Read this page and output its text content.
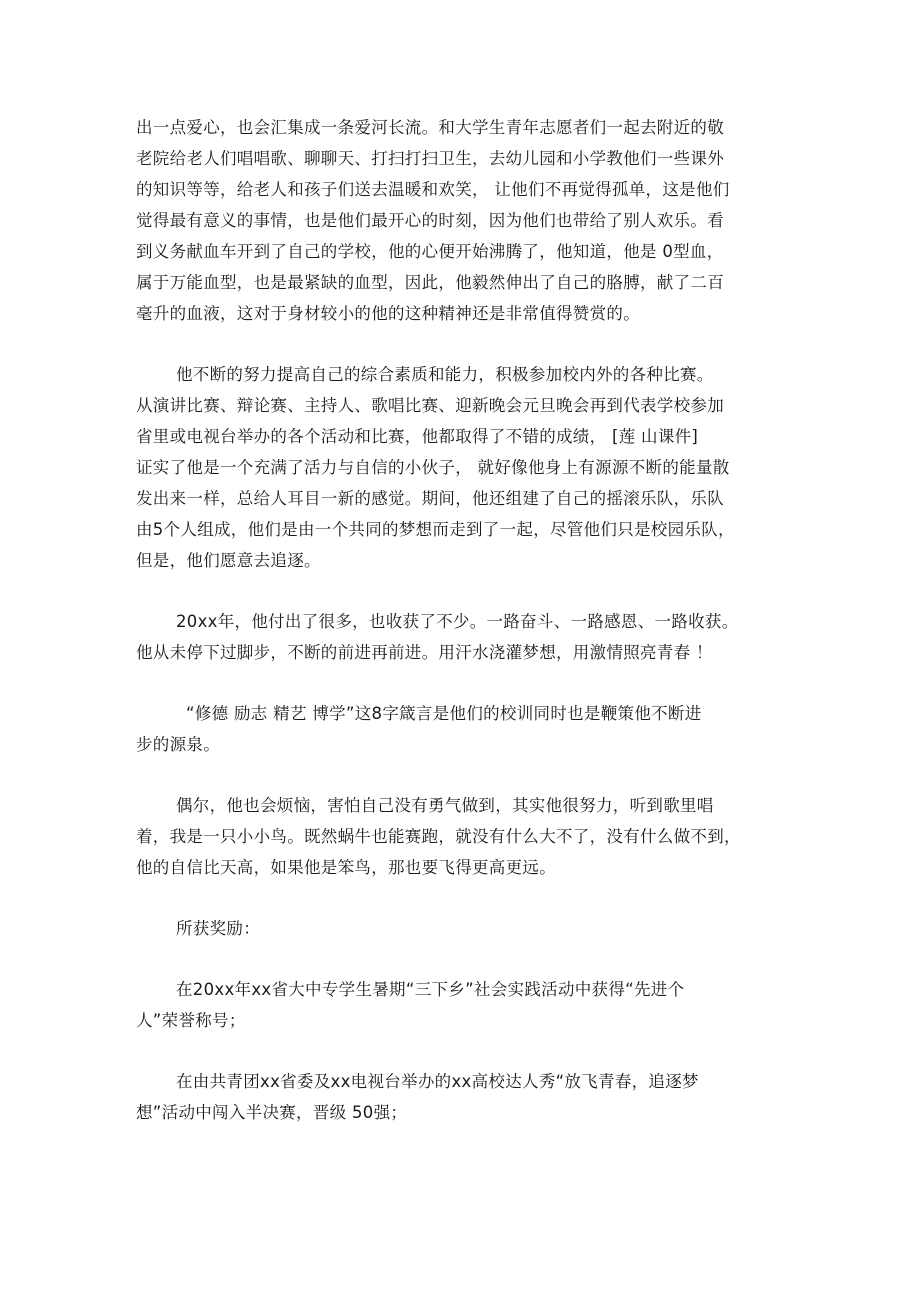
出一点爱心，也会汇集成一条爱河长流。和大学生青年志愿者们一起去附近的敬
老院给老人们唱唱歌、聊聊天、打扫打扫卫生，去幼儿园和小学教他们一些课外
的知识等等，给老人和孩子们送去温暖和欢笑， 让他们不再觉得孤单，这是他们
觉得最有意义的事情，也是他们最开心的时刻，因为他们也带给了别人欢乐。看
到义务献血车开到了自己的学校，他的心便开始沸腾了，他知道，他是 0型血，
属于万能血型，也是最紧缺的血型，因此，他毅然伸出了自己的胳膊，献了二百
毫升的血液，这对于身材较小的他的这种精神还是非常值得赞赏的。
他不断的努力提高自己的综合素质和能力，积极参加校内外的各种比赛。
从演讲比赛、辩论赛、主持人、歌唱比赛、迎新晚会元旦晚会再到代表学校参加
省里或电视台举办的各个活动和比赛，他都取得了不错的成绩， [莲 山课件]
证实了他是一个充满了活力与自信的小伙子， 就好像他身上有源源不断的能量散
发出来一样，总给人耳目一新的感觉。期间，他还组建了自己的摇滚乐队，乐队
由5个人组成，他们是由一个共同的梦想而走到了一起，尽管他们只是校园乐队，
但是，他们愿意去追逐。
20xx年，他付出了很多，也收获了不少。一路奋斗、一路感恩、一路收获。
他从未停下过脚步，不断的前进再前进。用汗水浇灌梦想，用激情照亮青春 ！
“修德 励志 精艺 博学”这8字箴言是他们的校训同时也是鞭策他不断进
步的源泉。
偶尔，他也会烦恼，害怕自己没有勇气做到，其实他很努力，听到歌里唱
着，我是一只小小鸟。既然蜗牛也能赛跑，就没有什么大不了，没有什么做不到，
他的自信比天高，如果他是笨鸟，那也要飞得更高更远。
所获奖励：
在20xx年xx省大中专学生暑期“三下乡”社会实践活动中获得“先进个
人”荣誉称号；
在由共青团xx省委及xx电视台举办的xx高校达人秀“放飞青春，追逐梦
想”活动中闯入半决赛，晋级 50强；
